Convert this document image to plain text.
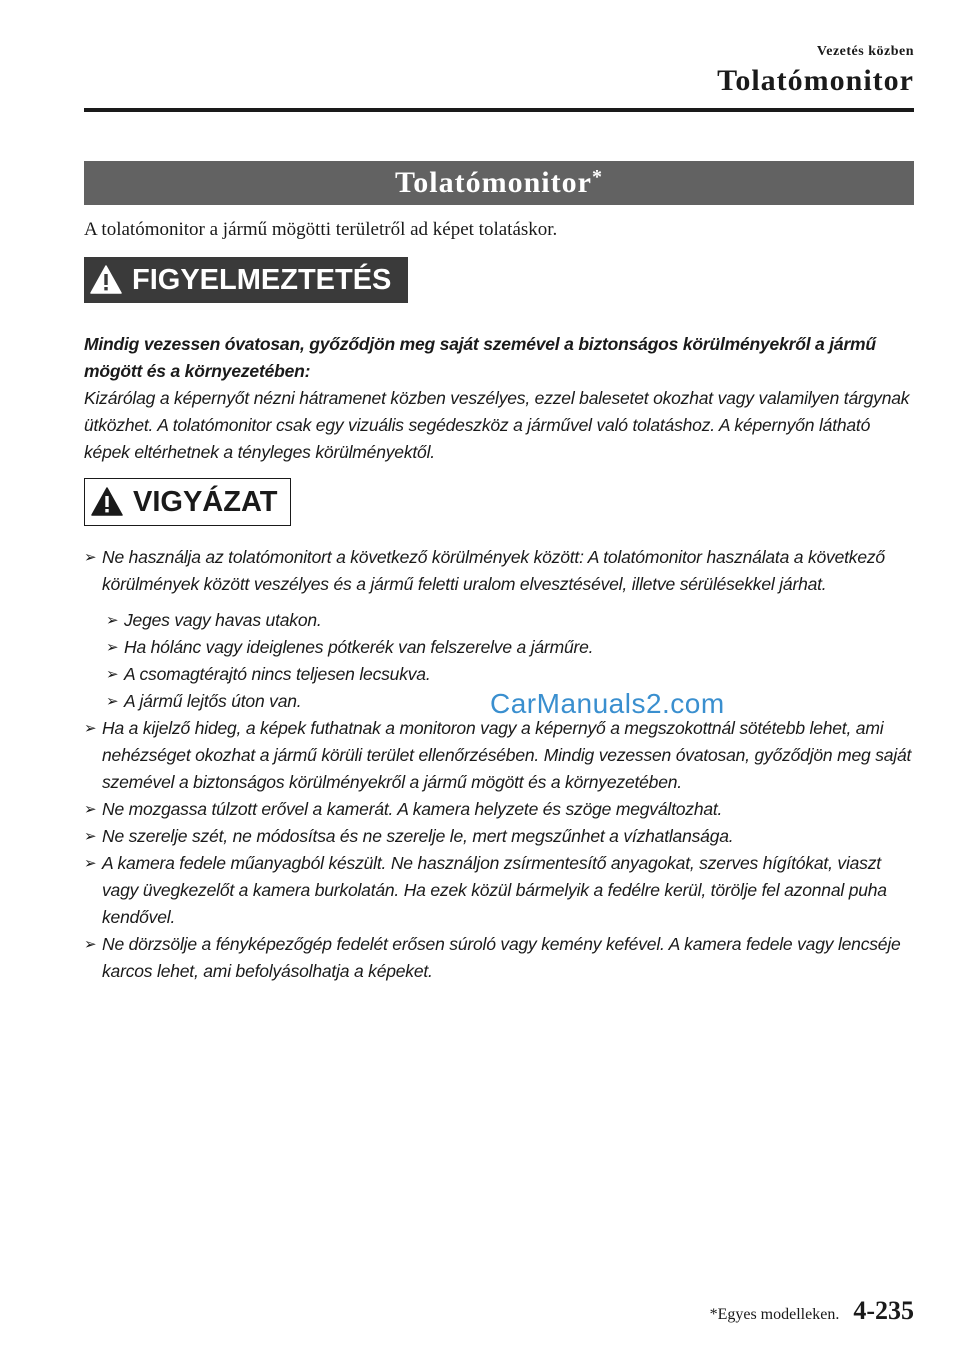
Vezetés közben
Tolatómonitor
Tolatómonitor*
A tolatómonitor a jármű mögötti területről ad képet tolatáskor.
FIGYELMEZTETÉS

Mindig vezessen óvatosan, győződjön meg saját szemével a biztonságos körülményekről a jármű mögött és a környezetében:

Kizárólag a képernyőt nézni hátramenet közben veszélyes, ezzel balesetet okozhat vagy valamilyen tárgynak ütközhet. A tolatómonitor csak egy vizuális segédeszköz a járművel való tolatáshoz. A képernyőn látható képek eltérhetnek a tényleges körülményektől.

VIGYÁZAT

➢ Ne használja az tolatómonitort a következő körülmények között: A tolatómonitor használata a következő körülmények között veszélyes és a jármű feletti uralom elvesztésével, illetve sérülésekkel járhat.

➢ Jeges vagy havas utakon.

➢ Ha hólánc vagy ideiglenes pótkerék van felszerelve a járműre.

➢ A csomagtérajtó nincs teljesen lecsukva.

➢ A jármű lejtős úton van.

➢ Ha a kijelző hideg, a képek futhatnak a monitoron vagy a képernyő a megszokottnál sötétebb lehet, ami nehézséget okozhat a jármű körüli terület ellenőrzésében. Mindig vezessen óvatosan, győződjön meg saját szemével a biztonságos körülményekről a jármű mögött és a környezetében.

➢ Ne mozgassa túlzott erővel a kamerát. A kamera helyzete és szöge megváltozhat.

➢ Ne szerelje szét, ne módosítsa és ne szerelje le, mert megszűnhet a vízhatlansága.

➢ A kamera fedele műanyagból készült. Ne használjon zsírmentesítő anyagokat, szerves hígítókat, viaszt vagy üvegkezelőt a kamera burkolatán. Ha ezek közül bármelyik a fedélre kerül, törölje fel azonnal puha kendővel.

➢ Ne dörzsölje a fényképezőgép fedelét erősen súroló vagy kemény kefével. A kamera fedele vagy lencséje karcos lehet, ami befolyásolhatja a képeket.

CarManuals2.com
*Egyes modelleken. 4-235
